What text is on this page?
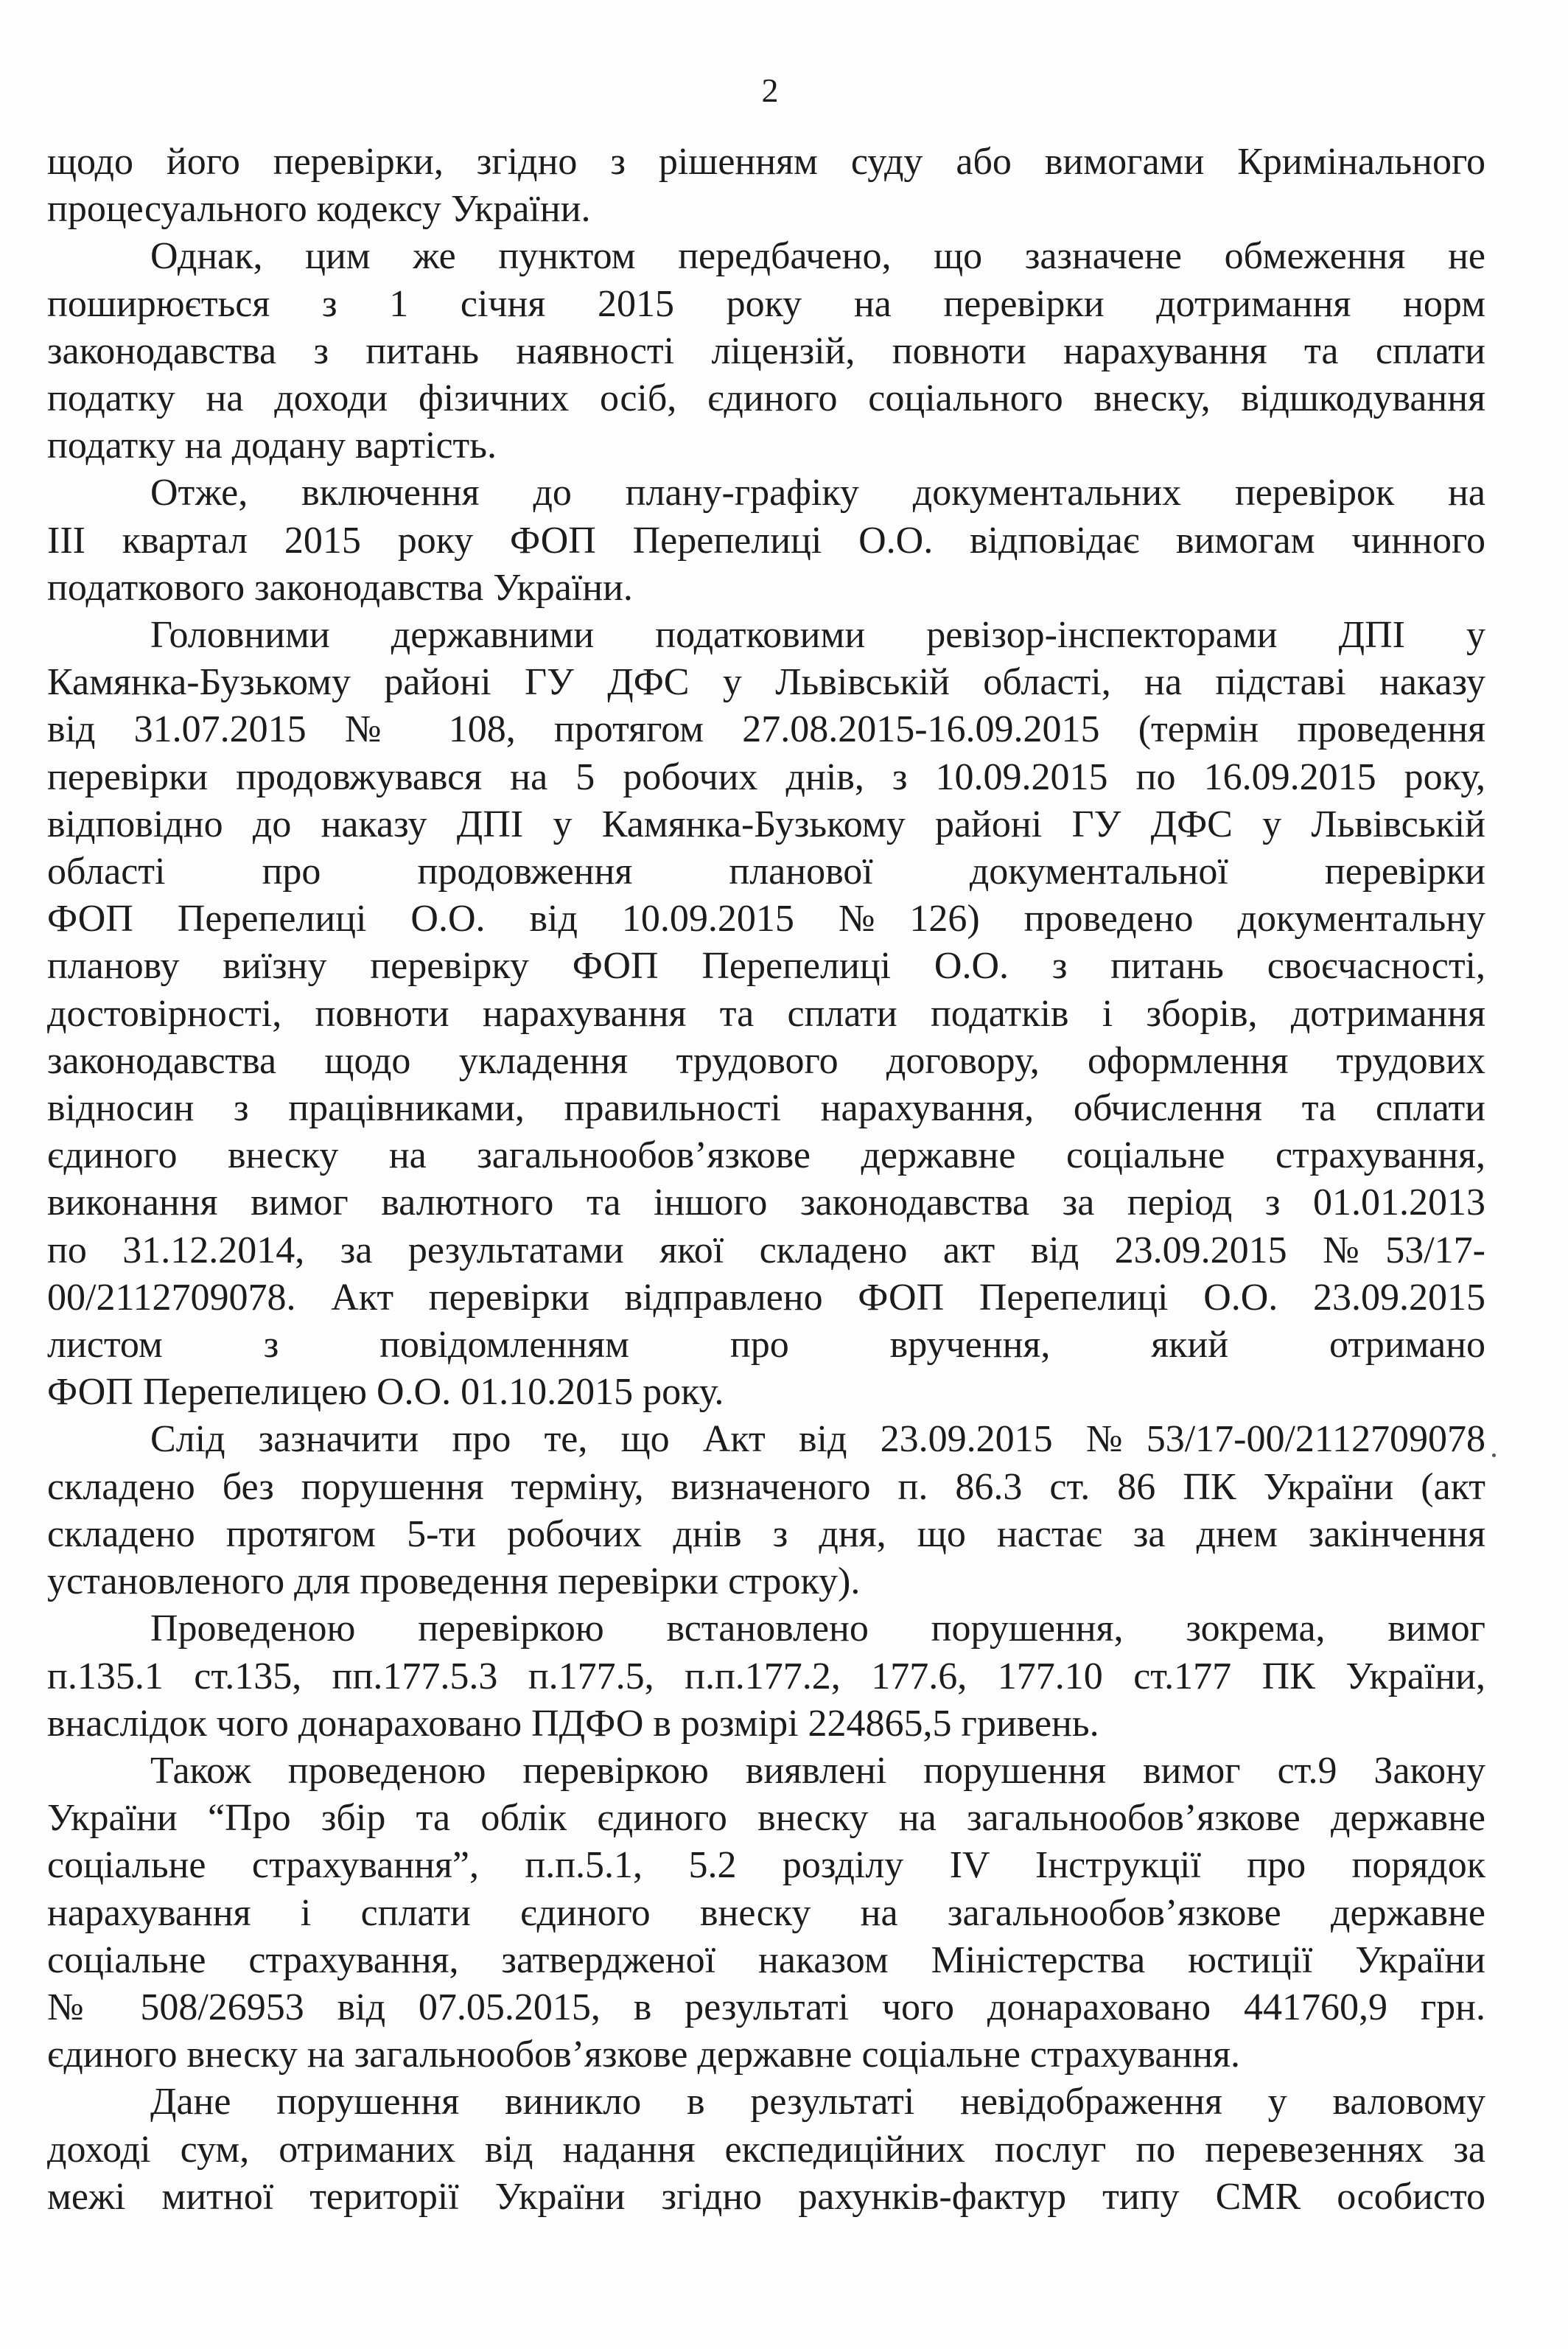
2
щодо його перевірки, згідно з рішенням суду або вимогами Кримінального
процесуального кодексу України.
Однак, цим же пунктом передбачено, що зазначене обмеження не
поширюється з 1 січня 2015 року на перевірки дотримання норм
законодавства з питань наявності ліцензій, повноти нарахування та сплати
податку на доходи фізичних осіб, єдиного соціального внеску, відшкодування
податку на додану вартість.
Отже, включення до плану-графіку документальних перевірок на
III квартал 2015 року ФОП Перепелиці О.О. відповідає вимогам чинного
податкового законодавства України.
Головними державними податковими ревізор-інспекторами ДПІ у
Камянка-Бузькому районі ГУ ДФС у Львівській області, на підставі наказу
від 31.07.2015 № 108, протягом 27.08.2015-16.09.2015 (термін проведення
перевірки продовжувався на 5 робочих днів, з 10.09.2015 по 16.09.2015 року,
відповідно до наказу ДПІ у Камянка-Бузькому районі ГУ ДФС у Львівській
області про продовження планової документальної перевірки
ФОП Перепелиці О.О. від 10.09.2015 №126) проведено документальну
планову виїзну перевірку ФОП Перепелиці О.О. з питань своєчасності,
достовірності, повноти нарахування та сплати податків і зборів, дотримання
законодавства щодо укладення трудового договору, оформлення трудових
відносин з працівниками, правильності нарахування, обчислення та сплати
єдиного внеску на загальнообов’язкове державне соціальне страхування,
виконання вимог валютного та іншого законодавства за період з 01.01.2013
по 31.12.2014, за результатами якої складено акт від 23.09.2015 №53/17-
00/2112709078. Акт перевірки відправлено ФОП Перепелиці О.О. 23.09.2015
листом з повідомленням про вручення, який отримано
ФОП Перепелицею О.О. 01.10.2015 року.
Слід зазначити про те, що Акт від 23.09.2015 №53/17-00/2112709078
складено без порушення терміну, визначеного п. 86.3 ст. 86 ПК України (акт
складено протягом 5-ти робочих днів з дня, що настає за днем закінчення
установленого для проведення перевірки строку).
Проведеною перевіркою встановлено порушення, зокрема, вимог
п.135.1 ст.135, пп.177.5.3 п.177.5, п.п.177.2, 177.6, 177.10 ст.177 ПК України,
внаслідок чого донараховано ПДФО в розмірі 224865,5 гривень.
Також проведеною перевіркою виявлені порушення вимог ст.9 Закону
України “Про збір та облік єдиного внеску на загальнообов’язкове державне
соціальне страхування”, п.п.5.1, 5.2 розділу IV Інструкції про порядок
нарахування і сплати єдиного внеску на загальнообов’язкове державне
соціальне страхування, затвердженої наказом Міністерства юстиції України
№ 508/26953 від 07.05.2015, в результаті чого донараховано 441760,9 грн.
єдиного внеску на загальнообов’язкове державне соціальне страхування.
Дане порушення виникло в результаті невідображення у валовому
доході сум, отриманих від надання експедиційних послуг по перевезеннях за
межі митної території України згідно рахунків-фактур типу CMR особисто
